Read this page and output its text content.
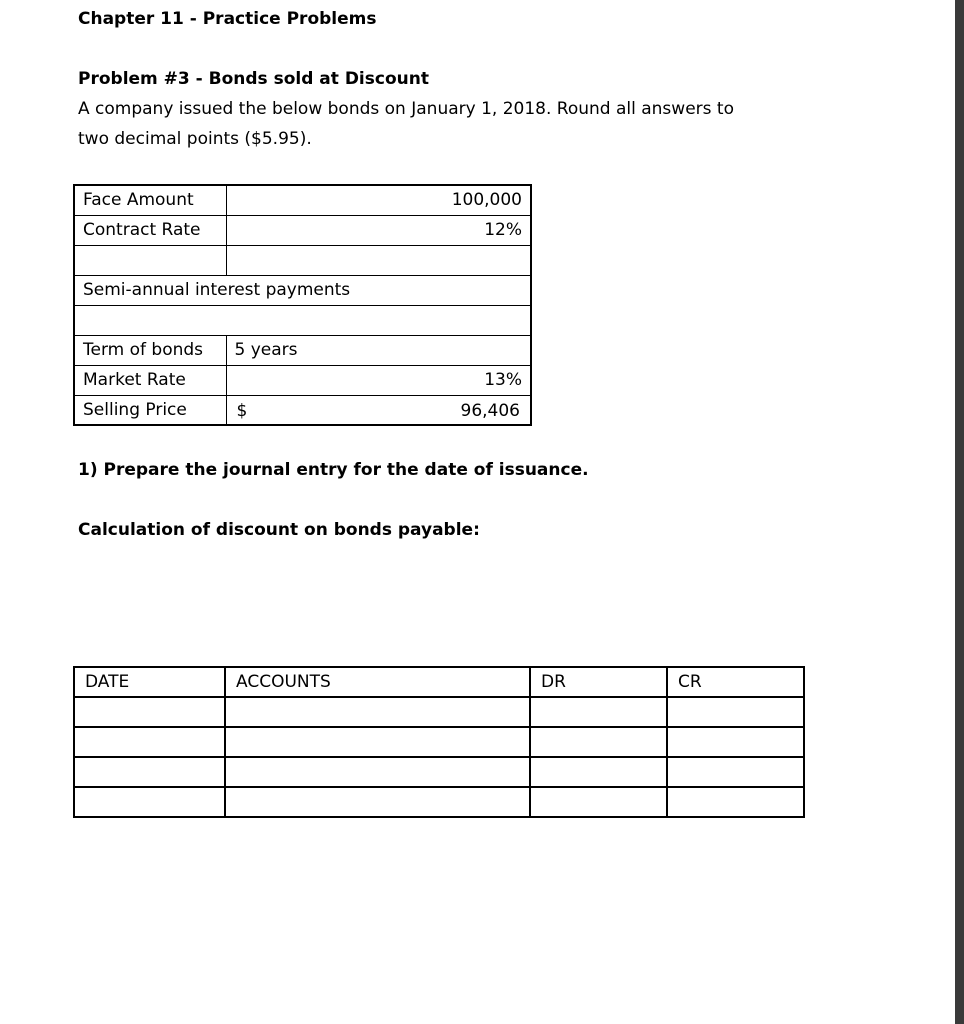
Chapter 11 - Practice Problems
Problem #3 - Bonds sold at Discount
A company issued the below bonds on January 1, 2018. Round all answers to
two decimal points ($5.95).
Face Amount	100,000
Contract Rate	12%

Semi-annual interest payments	

Term of bonds	5 years
Market Rate	13%
Selling Price	$ 96,406
1) Prepare the journal entry for the date of issuance.
Calculation of discount on bonds payable:
DATE	ACCOUNTS	DR	CR
